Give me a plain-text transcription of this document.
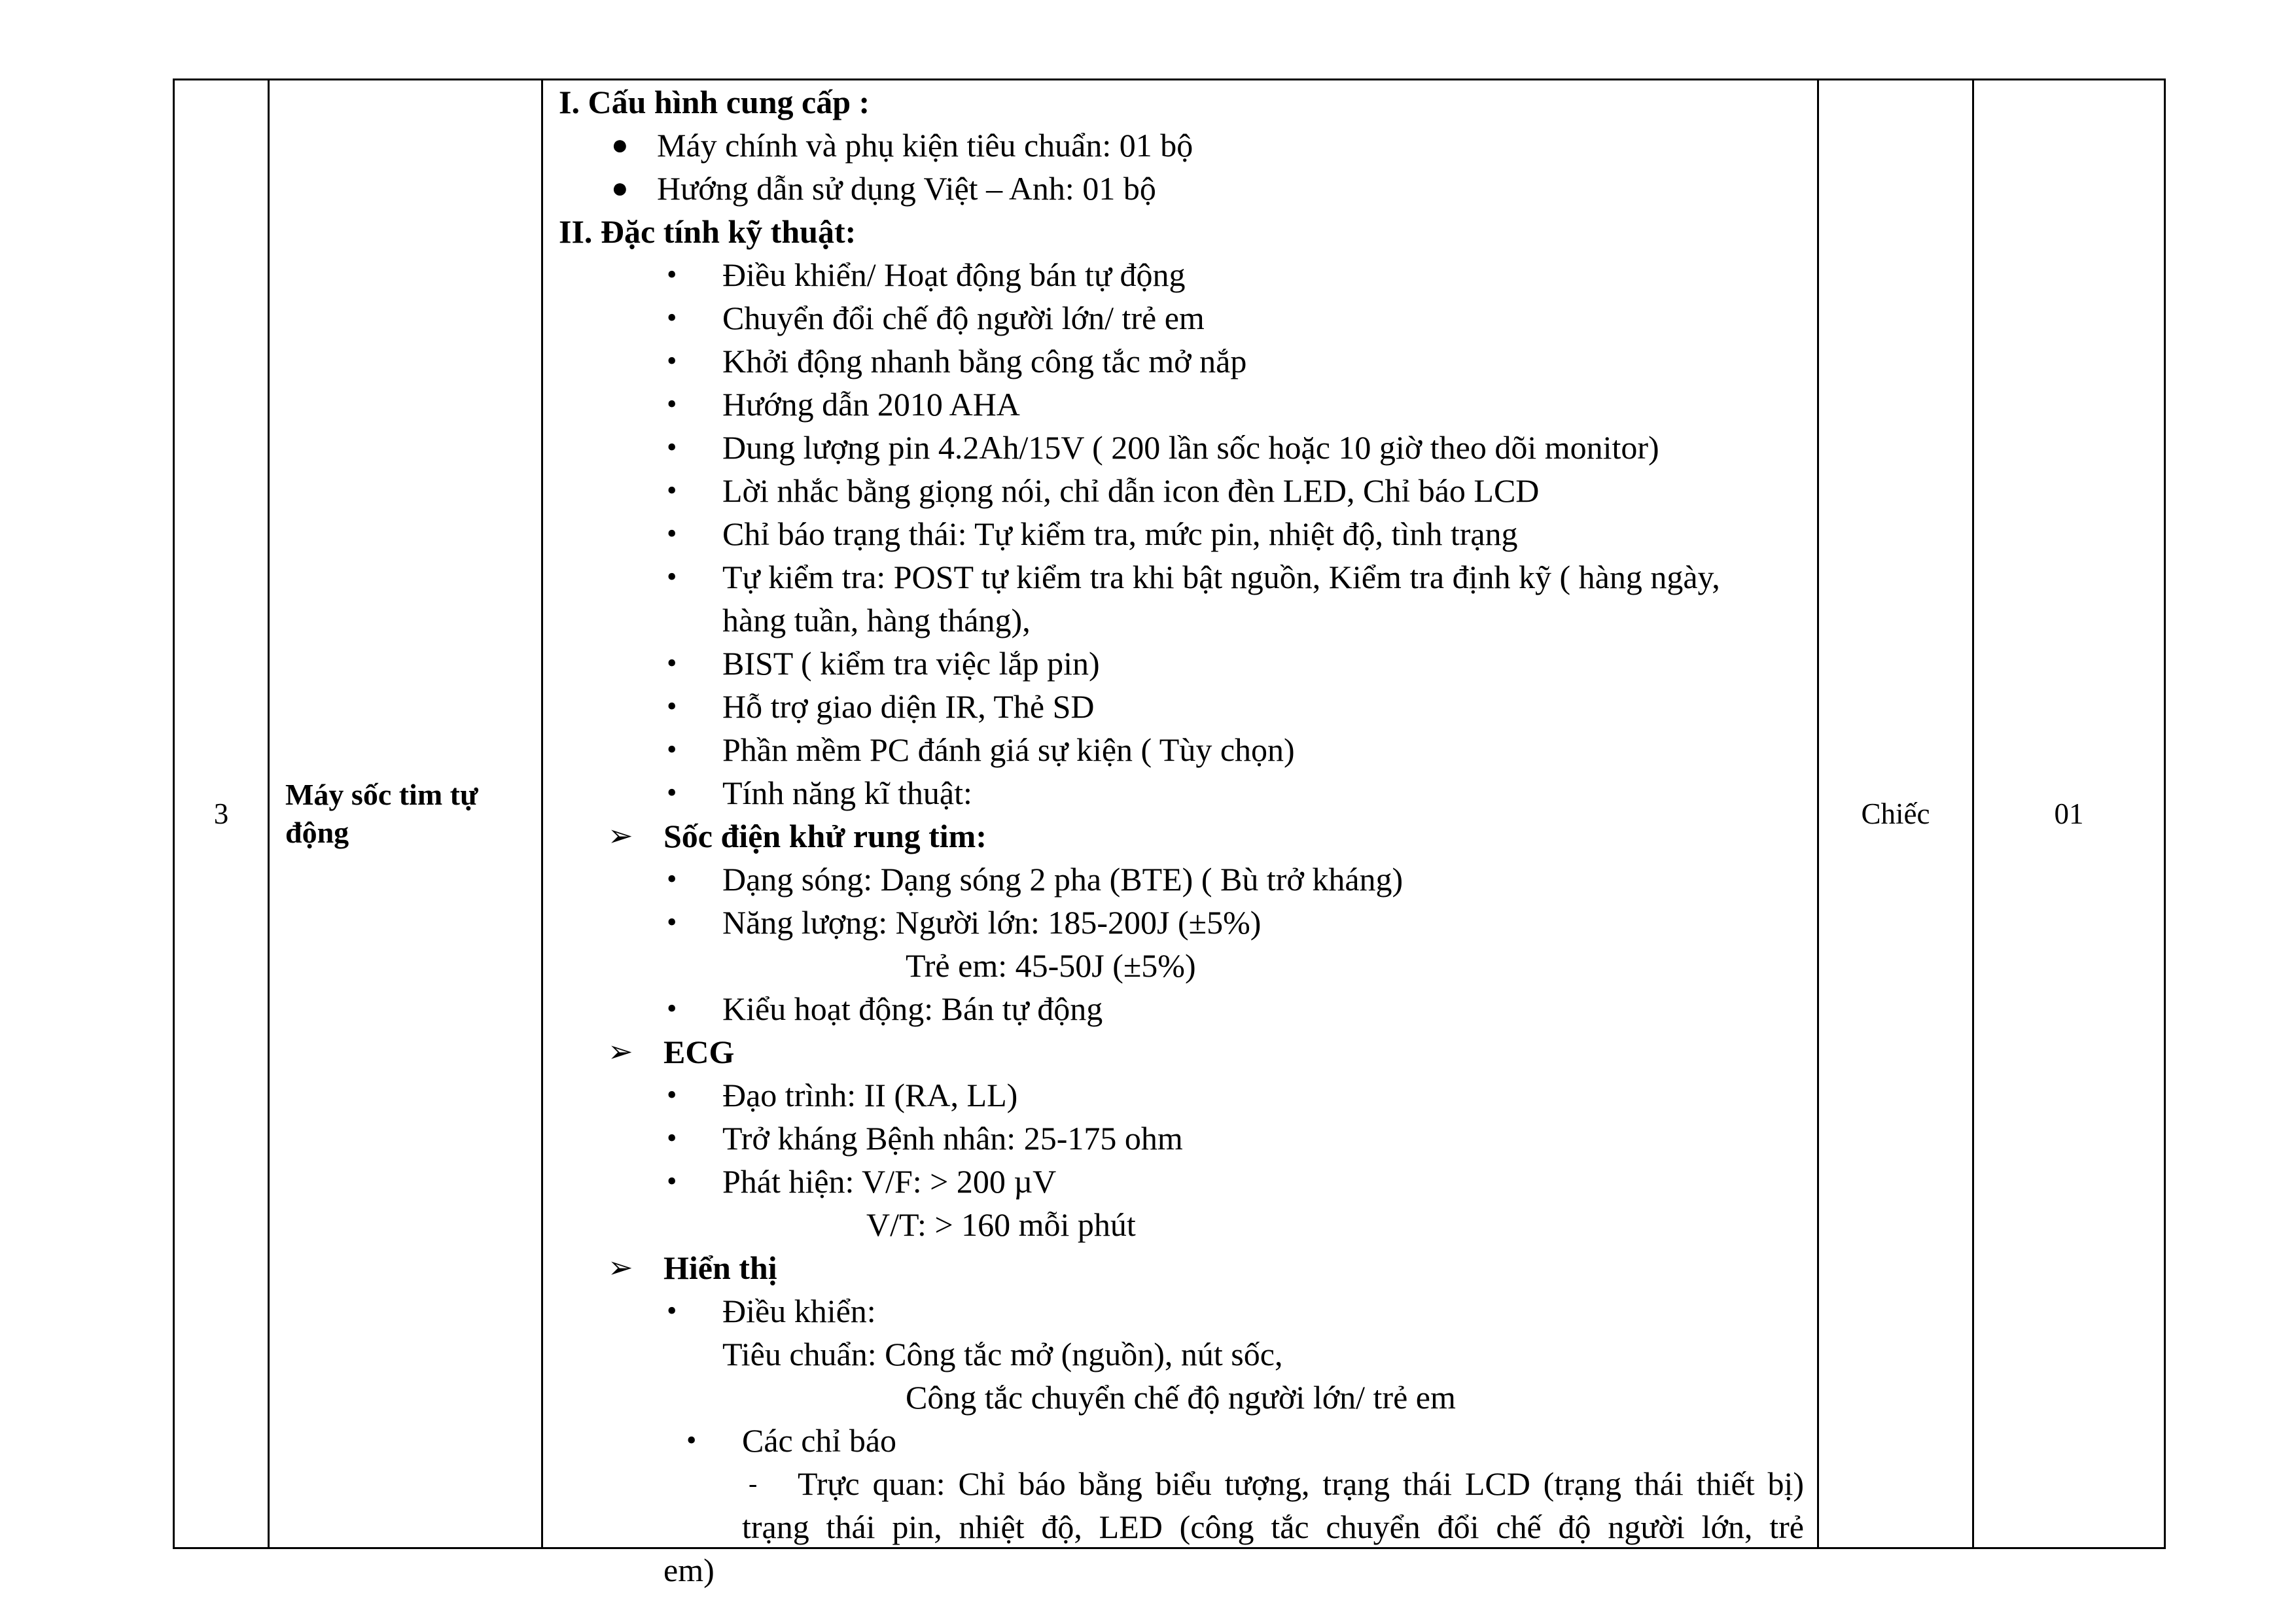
3
Máy sốc tim tự động
I. Cấu hình cung cấp :
● Máy chính và phụ kiện tiêu chuẩn: 01 bộ
● Hướng dẫn sử dụng Việt – Anh: 01 bộ
II. Đặc tính kỹ thuật:
• Điều khiển/ Hoạt động bán tự động
• Chuyển đổi chế độ người lớn/ trẻ em
• Khởi động nhanh bằng công tắc mở nắp
• Hướng dẫn 2010 AHA
• Dung lượng pin 4.2Ah/15V ( 200 lần sốc hoặc 10 giờ theo dõi monitor)
• Lời nhắc bằng giọng nói, chỉ dẫn icon đèn LED, Chỉ báo LCD
• Chỉ báo trạng thái: Tự kiểm tra, mức pin, nhiệt độ, tình trạng
• Tự kiểm tra: POST tự kiểm tra khi bật nguồn, Kiểm tra định kỹ ( hàng ngày,
hàng tuần, hàng tháng),
• BIST ( kiểm tra việc lắp pin)
• Hỗ trợ giao diện IR, Thẻ SD
• Phần mềm PC đánh giá sự kiện ( Tùy chọn)
• Tính năng kĩ thuật:
➢ Sốc điện khử rung tim:
• Dạng sóng: Dạng sóng 2 pha (BTE) ( Bù trở kháng)
• Năng lượng: Người lớn: 185-200J (±5%)
Trẻ em: 45-50J (±5%)
• Kiểu hoạt động: Bán tự động
➢ ECG
• Đạo trình: II (RA, LL)
• Trở kháng Bệnh nhân: 25-175 ohm
• Phát hiện: V/F: > 200 µV
V/T: > 160 mỗi phút
➢ Hiển thị
• Điều khiển:
Tiêu chuẩn: Công tắc mở (nguồn), nút sốc,
Công tắc chuyển chế độ người lớn/ trẻ em
• Các chỉ báo
- Trực quan: Chỉ báo bằng biểu tượng, trạng thái LCD (trạng thái thiết bị)
trạng thái pin, nhiệt độ, LED (công tắc chuyển đổi chế độ người lớn, trẻ
em)
Chiếc	01
